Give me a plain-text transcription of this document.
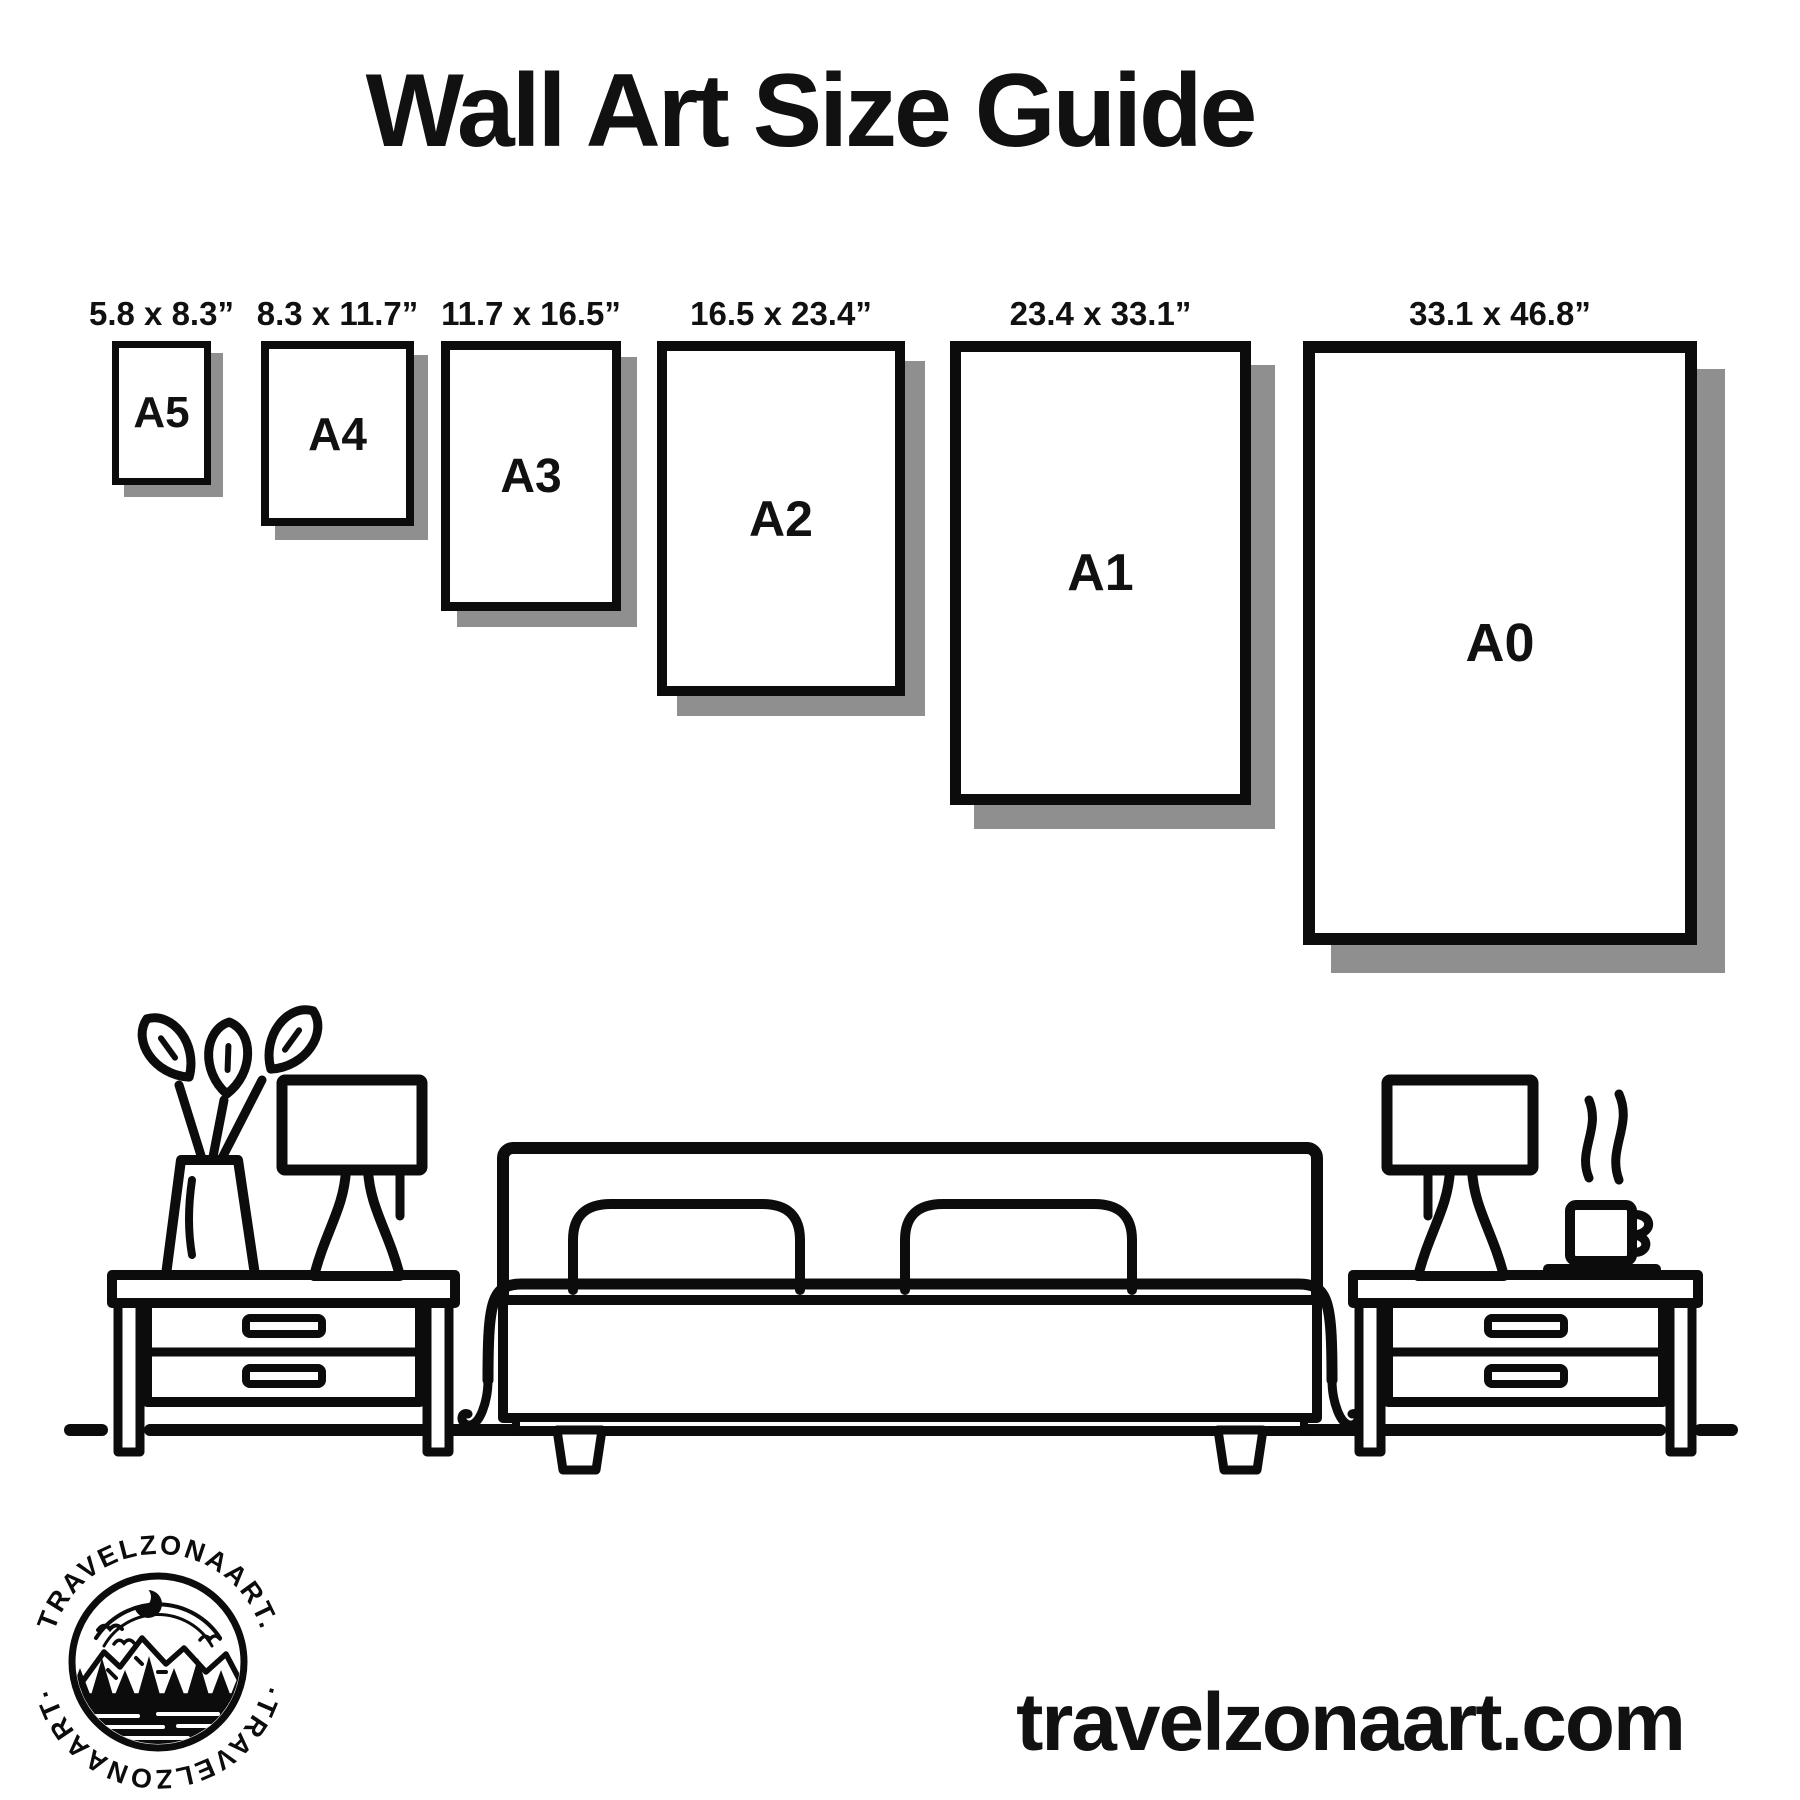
Wall Art Size Guide
5.8 x 8.3”
A5
8.3 x 11.7”
A4
11.7 x 16.5”
A3
16.5 x 23.4”
A2
23.4 x 33.1”
A1
33.1 x 46.8”
A0
TRAVELZONAART.
·TRAVELZONAART·	travelzonaart.com
